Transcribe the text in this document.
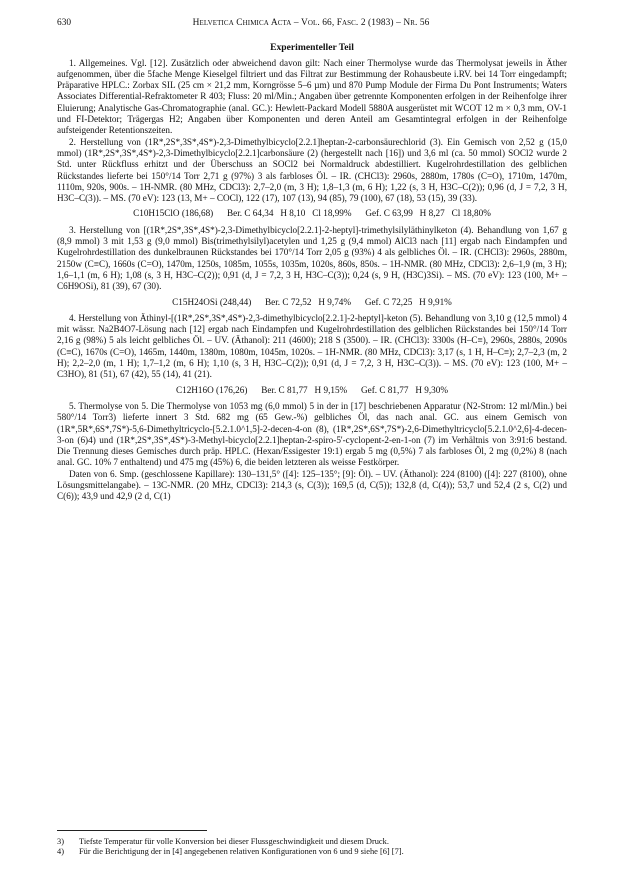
630	Helvetica Chimica Acta – Vol. 66, Fasc. 2 (1983) – Nr. 56
Experimenteller Teil

1. Allgemeines. Vgl. [12]. Zusätzlich oder abweichend davon gilt: Nach einer Thermolyse wurde das Thermolysat jeweils in Äther aufgenommen, über die 5fache Menge Kieselgel filtriert und das Filtrat zur Bestimmung der Rohausbeute i.RV. bei 14 Torr eingedampft; Präparative HPLC.: Zorbax SIL (25 cm × 21,2 mm, Korngrösse 5–6 µm) und 870 Pump Module der Firma Du Pont Instruments; Waters Associates Differential-Refraktometer R 403; Fluss: 20 ml/Min.; Angaben über getrennte Komponenten erfolgen in der Reihenfolge ihrer Eluierung; Analytische Gas-Chromatographie (anal. GC.): Hewlett-Packard Modell 5880A ausgerüstet mit WCOT 12 m × 0,3 mm, OV-1 und FI-Detektor; Trägergas H2; Angaben über Komponenten und deren Anteil am Gesamtintegral erfolgen in der Reihenfolge aufsteigender Retentionszeiten.

2. Herstellung von (1R*,2S*,3S*,4S*)-2,3-Dimethylbicyclo[2.2.1]heptan-2-carbonsäurechlorid (3). Ein Gemisch von 2,52 g (15,0 mmol) (1R*,2S*,3S*,4S*)-2,3-Dimethylbicyclo[2.2.1]carbonsäure (2) (hergestellt nach [16]) und 3,6 ml (ca. 50 mmol) SOCl2 wurde 2 Std. unter Rückfluss erhitzt und der Überschuss an SOCl2 bei Normaldruck abdestilliert. Kugelrohrdestillation des gelblichen Rückstandes lieferte bei 150°/14 Torr 2,71 g (97%) 3 als farbloses Öl. – IR. (CHCl3): 2960s, 2880m, 1780s (C=O), 1710m, 1470m, 1110m, 920s, 900s. – 1H-NMR. (80 MHz, CDCl3): 2,7–2,0 (m, 3 H); 1,8–1,3 (m, 6 H); 1,22 (s, 3 H, H3C–C(2)); 0,96 (d, J = 7,2, 3 H, H3C–C(3)). – MS. (70 eV): 123 (13, M+ – COCl), 122 (17), 107 (13), 94 (85), 79 (100), 67 (18), 53 (15), 39 (33).

C10H15ClO (186,68)      Ber. C 64,34   H 8,10   Cl 18,99%      Gef. C 63,99   H 8,27   Cl 18,80%

3. Herstellung von [(1R*,2S*,3S*,4S*)-2,3-Dimethylbicyclo[2.2.1]-2-heptyl]-trimethylsilyläthinylketon (4). Behandlung von 1,67 g (8,9 mmol) 3 mit 1,53 g (9,0 mmol) Bis(trimethylsilyl)acetylen und 1,25 g (9,4 mmol) AlCl3 nach [11] ergab nach Eindampfen und Kugelrohrdestillation des dunkelbraunen Rückstandes bei 170°/14 Torr 2,05 g (93%) 4 als gelbliches Öl. – IR. (CHCl3): 2960s, 2880m, 2150w (C≡C), 1660s (C=O), 1470m, 1250s, 1085m, 1055s, 1035m, 1020s, 860s, 850s. – 1H-NMR. (80 MHz, CDCl3): 2,6–1,9 (m, 3 H); 1,6–1,1 (m, 6 H); 1,08 (s, 3 H, H3C–C(2)); 0,91 (d, J = 7,2, 3 H, H3C–C(3)); 0,24 (s, 9 H, (H3C)3Si). – MS. (70 eV): 123 (100, M+ – C6H9OSi), 81 (39), 67 (30).

C15H24OSi (248,44)      Ber. C 72,52   H 9,74%      Gef. C 72,25   H 9,91%

4. Herstellung von Äthinyl-[(1R*,2S*,3S*,4S*)-2,3-dimethylbicyclo[2.2.1]-2-heptyl]-keton (5). Behandlung von 3,10 g (12,5 mmol) 4 mit wässr. Na2B4O7-Lösung nach [12] ergab nach Eindampfen und Kugelrohrdestillation des gelblichen Rückstandes bei 150°/14 Torr 2,16 g (98%) 5 als leicht gelbliches Öl. – UV. (Äthanol): 211 (4600); 218 S (3500). – IR. (CHCl3): 3300s (H–C≡), 2960s, 2880s, 2090s (C≡C), 1670s (C=O), 1465m, 1440m, 1380m, 1080m, 1045m, 1020s. – 1H-NMR. (80 MHz, CDCl3): 3,17 (s, 1 H, H–C≡); 2,7–2,3 (m, 2 H); 2,2–2,0 (m, 1 H); 1,7–1,2 (m, 6 H); 1,10 (s, 3 H, H3C–C(2)); 0,91 (d, J = 7,2, 3 H, H3C–C(3)). – MS. (70 eV): 123 (100, M+ – C3HO), 81 (51), 67 (42), 55 (14), 41 (21).

C12H16O (176,26)      Ber. C 81,77   H 9,15%      Gef. C 81,77   H 9,30%

5. Thermolyse von 5. Die Thermolyse von 1053 mg (6,0 mmol) 5 in der in [17] beschriebenen Apparatur (N2-Strom: 12 ml/Min.) bei 580°/14 Torr3) lieferte innert 3 Std. 682 mg (65 Gew.-%) gelbliches Öl, das nach anal. GC. aus einem Gemisch von (1R*,5R*,6S*,7S*)-5,6-Dimethyltricyclo-[5.2.1.0^1,5]-2-decen-4-on (8), (1R*,2S*,6S*,7S*)-2,6-Dimethyltricyclo[5.2.1.0^2,6]-4-decen-3-on (6)4) und (1R*,2S*,3S*,4S*)-3-Methyl-bicyclo[2.2.1]heptan-2-spiro-5'-cyclopent-2-en-1-on (7) im Verhältnis von 3:91:6 bestand. Die Trennung dieses Gemisches durch präp. HPLC. (Hexan/Essigester 19:1) ergab 5 mg (0,5%) 7 als farbloses Öl, 2 mg (0,2%) 8 (nach anal. GC. 10% 7 enthaltend) und 475 mg (45%) 6, die beiden letzteren als weisse Festkörper.

Daten von 6. Smp. (geschlossene Kapillare): 130–131,5° ([4]: 125–135°; [9]: Öl). – UV. (Äthanol): 224 (8100) ([4]: 227 (8100), ohne Lösungsmittelangabe). – 13C-NMR. (20 MHz, CDCl3): 214,3 (s, C(3)); 169,5 (d, C(5)); 132,8 (d, C(4)); 53,7 und 52,4 (2 s, C(2) und C(6)); 43,9 und 42,9 (2 d, C(1)

3)	Tiefste Temperatur für volle Konversion bei dieser Flussgeschwindigkeit und diesem Druck.
4)	Für die Berichtigung der in [4] angegebenen relativen Konfigurationen von 6 und 9 siehe [6] [7].
